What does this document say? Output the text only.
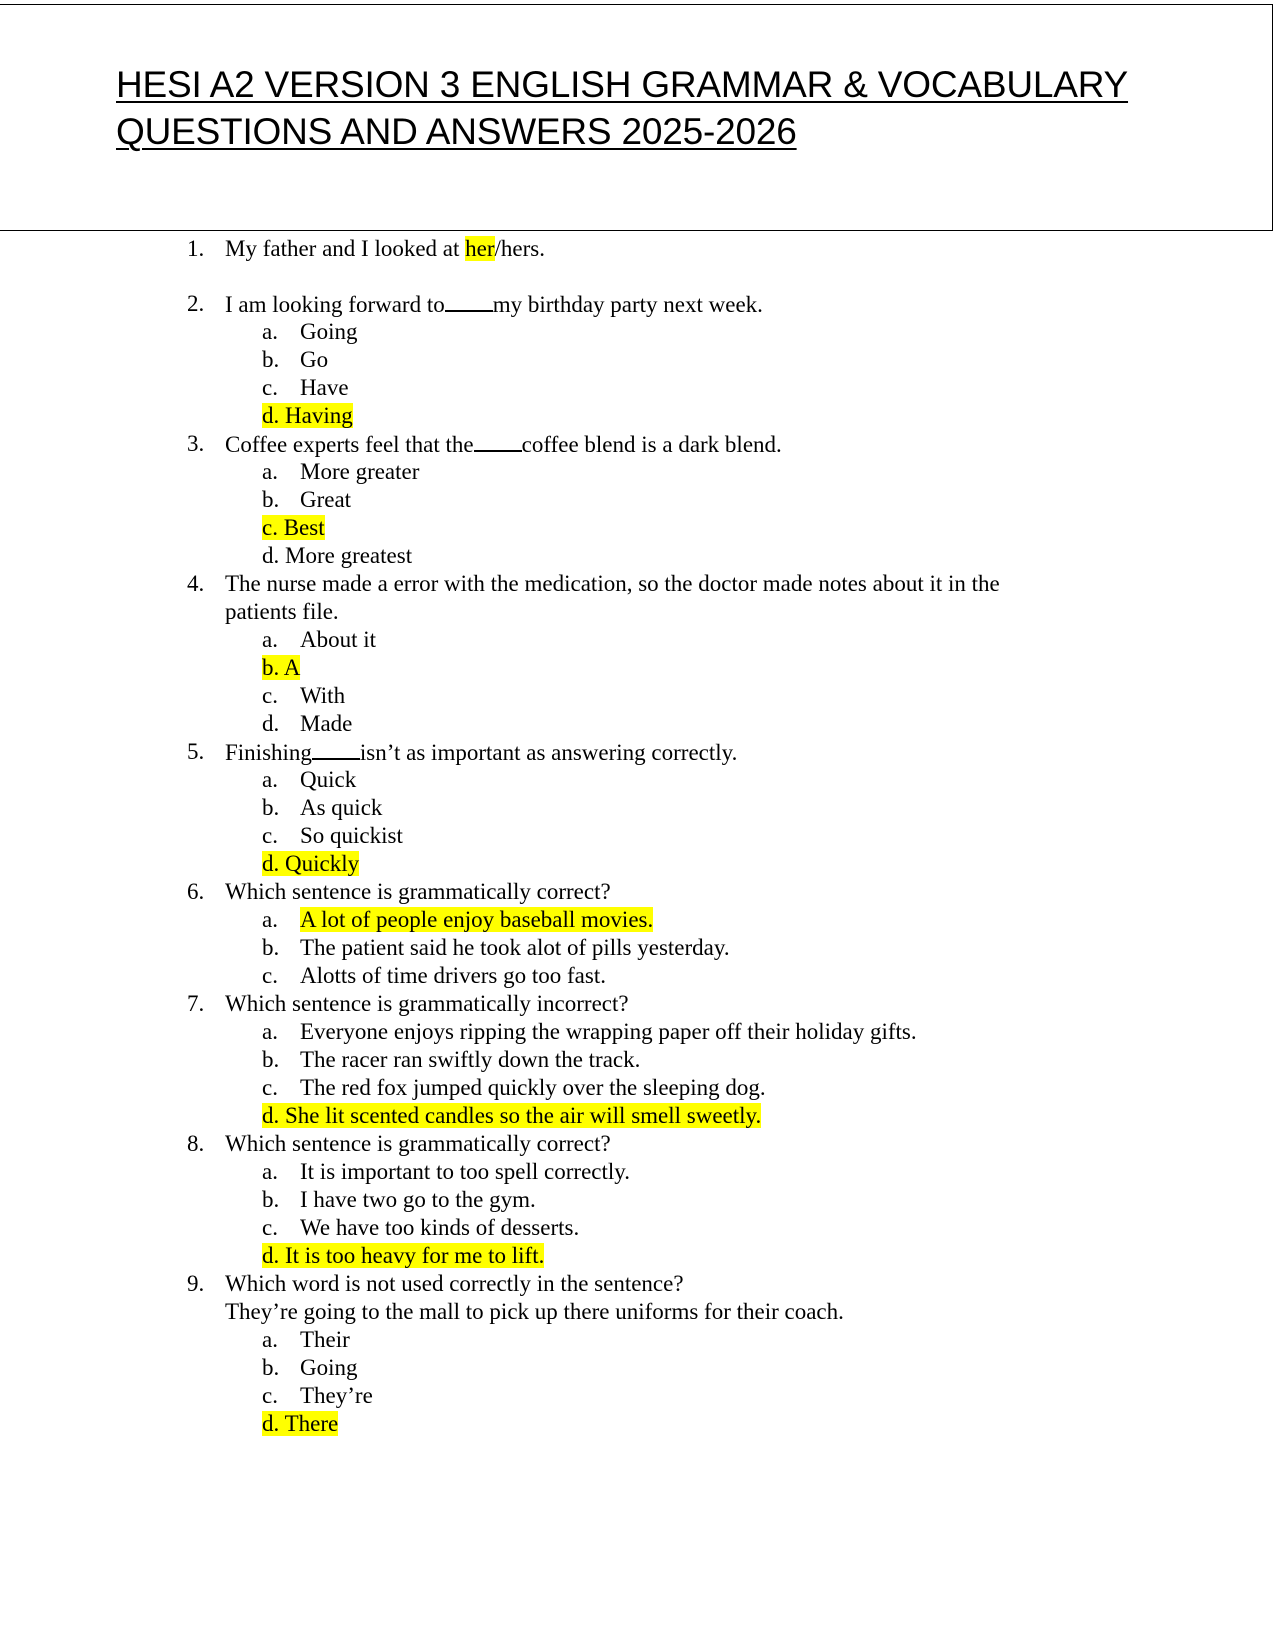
HESI A2 VERSION 3 ENGLISH GRAMMAR & VOCABULARY QUESTIONS AND ANSWERS 2025-2026
1. My father and I looked at her/hers.
2. I am looking forward to my birthday party next week.
a. Going
b. Go
c. Have
d. Having
3. Coffee experts feel that the coffee blend is a dark blend.
a. More greater
b. Great
c. Best
d. More greatest
4. The nurse made a error with the medication, so the doctor made notes about it in the
patients file.
a. About it
b. A
c. With
d. Made
5. Finishing isn’t as important as answering correctly.
a. Quick
b. As quick
c. So quickist
d. Quickly
6. Which sentence is grammatically correct?
a. A lot of people enjoy baseball movies.
b. The patient said he took alot of pills yesterday.
c. Alotts of time drivers go too fast.
7. Which sentence is grammatically incorrect?
a. Everyone enjoys ripping the wrapping paper off their holiday gifts.
b. The racer ran swiftly down the track.
c. The red fox jumped quickly over the sleeping dog.
d. She lit scented candles so the air will smell sweetly.
8. Which sentence is grammatically correct?
a. It is important to too spell correctly.
b. I have two go to the gym.
c. We have too kinds of desserts.
d. It is too heavy for me to lift.
9. Which word is not used correctly in the sentence?
They’re going to the mall to pick up there uniforms for their coach.
a. Their
b. Going
c. They’re
d. There
